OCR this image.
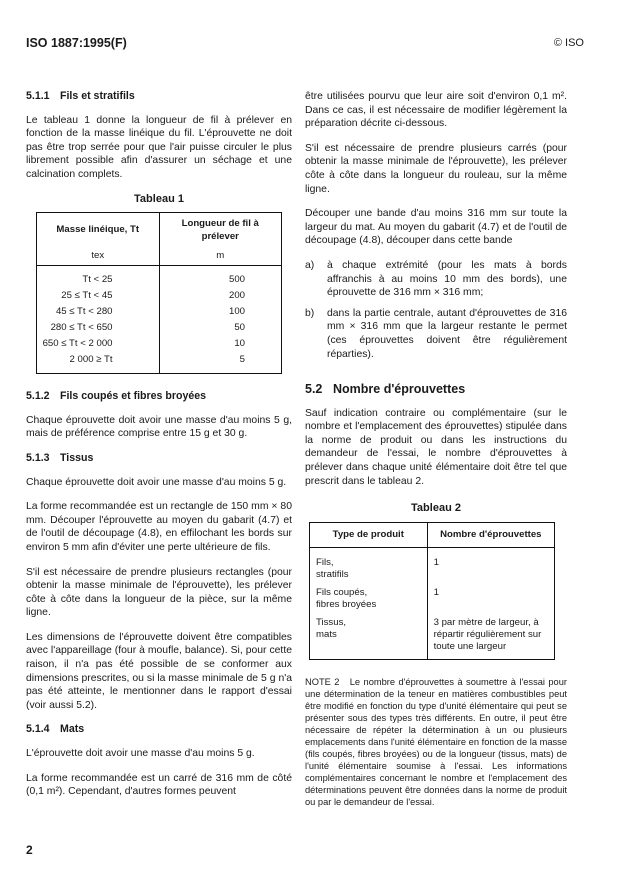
ISO 1887:1995(F)	© ISO
5.1.1 Fils et stratifils

Le tableau 1 donne la longueur de fil à prélever en fonction de la masse linéique du fil. L'éprouvette ne doit pas être trop serrée pour que l'air puisse circuler le plus librement possible afin d'assurer un séchage et une calcination complets.

Tableau 1
Masse linéique, Tt	Longueur de fil à prélever
tex	m
Tt < 25	500
25 ≤ Tt < 45	200
45 ≤ Tt < 280	100
280 ≤ Tt < 650	50
650 ≤ Tt < 2 000	10
2 000 ≥ Tt	5
5.1.2 Fils coupés et fibres broyées

Chaque éprouvette doit avoir une masse d'au moins 5 g, mais de préférence comprise entre 15 g et 30 g.

5.1.3 Tissus

Chaque éprouvette doit avoir une masse d'au moins 5 g.

La forme recommandée est un rectangle de 150 mm × 80 mm. Découper l'éprouvette au moyen du gabarit (4.7) et de l'outil de découpage (4.8), en effilochant les bords sur environ 5 mm afin d'éviter une perte ultérieure de fils.

S'il est nécessaire de prendre plusieurs rectangles (pour obtenir la masse minimale de l'éprouvette), les prélever côte à côte dans la longueur de la pièce, sur la même ligne.

Les dimensions de l'éprouvette doivent être compatibles avec l'appareillage (four à moufle, balance). Si, pour cette raison, il n'a pas été possible de se conformer aux dimensions prescrites, ou si la masse minimale de 5 g n'a pas été atteinte, le mentionner dans le rapport d'essai (voir aussi 5.2).

5.1.4 Mats

L'éprouvette doit avoir une masse d'au moins 5 g.

La forme recommandée est un carré de 316 mm de côté (0,1 m²). Cependant, d'autres formes peuvent

être utilisées pourvu que leur aire soit d'environ 0,1 m². Dans ce cas, il est nécessaire de modifier légèrement la préparation décrite ci-dessous.

S'il est nécessaire de prendre plusieurs carrés (pour obtenir la masse minimale de l'éprouvette), les prélever côte à côte dans la longueur du rouleau, sur la même ligne.

Découper une bande d'au moins 316 mm sur toute la largeur du mat. Au moyen du gabarit (4.7) et de l'outil de découpage (4.8), découper dans cette bande

a)	à chaque extrémité (pour les mats à bords affranchis à au moins 10 mm des bords), une éprouvette de 316 mm × 316 mm;
b)	dans la partie centrale, autant d'éprouvettes de 316 mm × 316 mm que la largeur restante le permet (ces éprouvettes doivent être régulièrement réparties).
5.2 Nombre d'éprouvettes

Sauf indication contraire ou complémentaire (sur le nombre et l'emplacement des éprouvettes) stipulée dans la norme de produit ou dans les instructions du demandeur de l'essai, le nombre d'éprouvettes à prélever dans chaque unité élémentaire doit être tel que prescrit dans le tableau 2.

Tableau 2
Type de produit	Nombre d'éprouvettes

Fils, stratifils	1
Fils coupés, fibres broyées	1
Tissus, mats	3 par mètre de largeur, à répartir régulièrement sur toute une largeur
NOTE 2 Le nombre d'éprouvettes à soumettre à l'essai pour une détermination de la teneur en matières combustibles peut être modifié en fonction du type d'unité élémentaire qui peut se présenter sous des types très différents. En outre, il peut être nécessaire de répéter la détermination à un ou plusieurs emplacements dans l'unité élémentaire en fonction de la masse (fils coupés, fibres broyées) ou de la longueur (tissus, mats) de l'unité élémentaire soumise à l'essai. Les informations complémentaires concernant le nombre et l'emplacement des déterminations peuvent être données dans la norme de produit ou par le demandeur de l'essai.
2
